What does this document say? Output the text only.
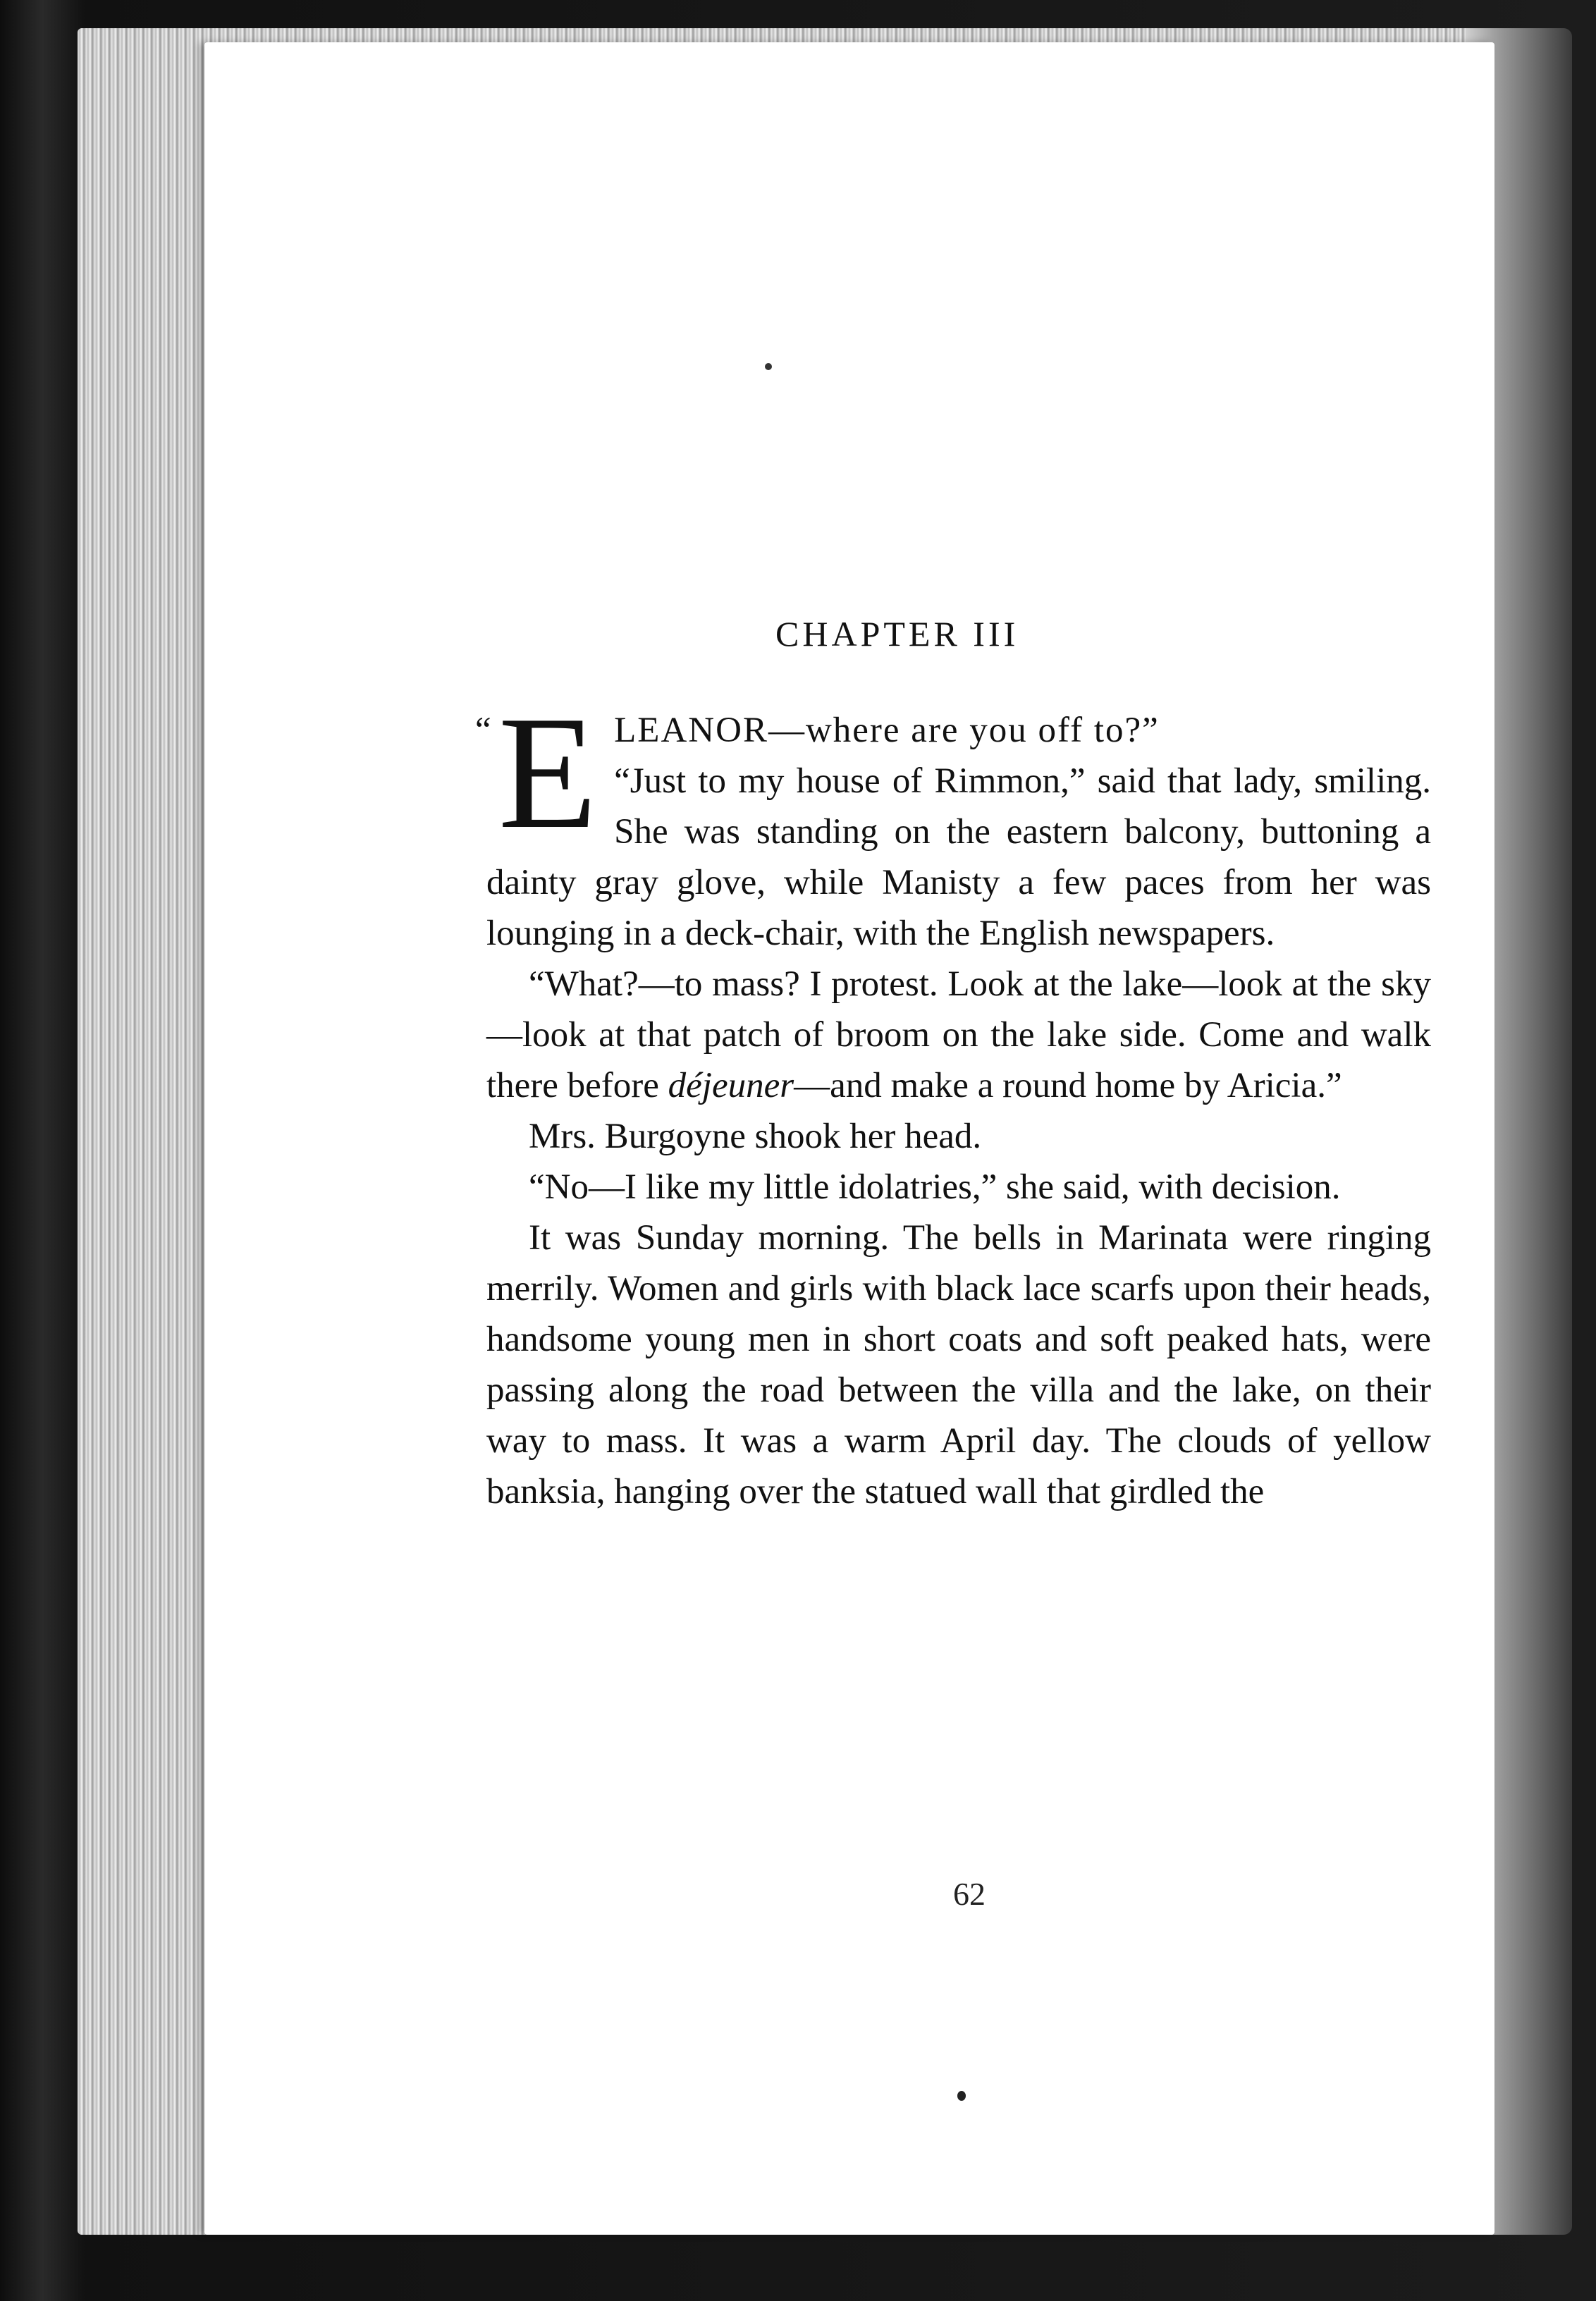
CHAPTER III

“ E LEANOR—where are you off to?”
“Just to my house of Rimmon,” said that lady, smiling. She was standing on the eastern balcony, buttoning a dainty gray glove, while Manisty a few paces from her was lounging in a deck-chair, with the English newspapers.

“What?—to mass? I protest. Look at the lake—look at the sky—look at that patch of broom on the lake side. Come and walk there before déjeuner—and make a round home by Aricia.”

Mrs. Burgoyne shook her head.

“No—I like my little idolatries,” she said, with decision.

It was Sunday morning. The bells in Marinata were ringing merrily. Women and girls with black lace scarfs upon their heads, handsome young men in short coats and soft peaked hats, were passing along the road between the villa and the lake, on their way to mass. It was a warm April day. The clouds of yellow banksia, hanging over the statued wall that girdled the

62
